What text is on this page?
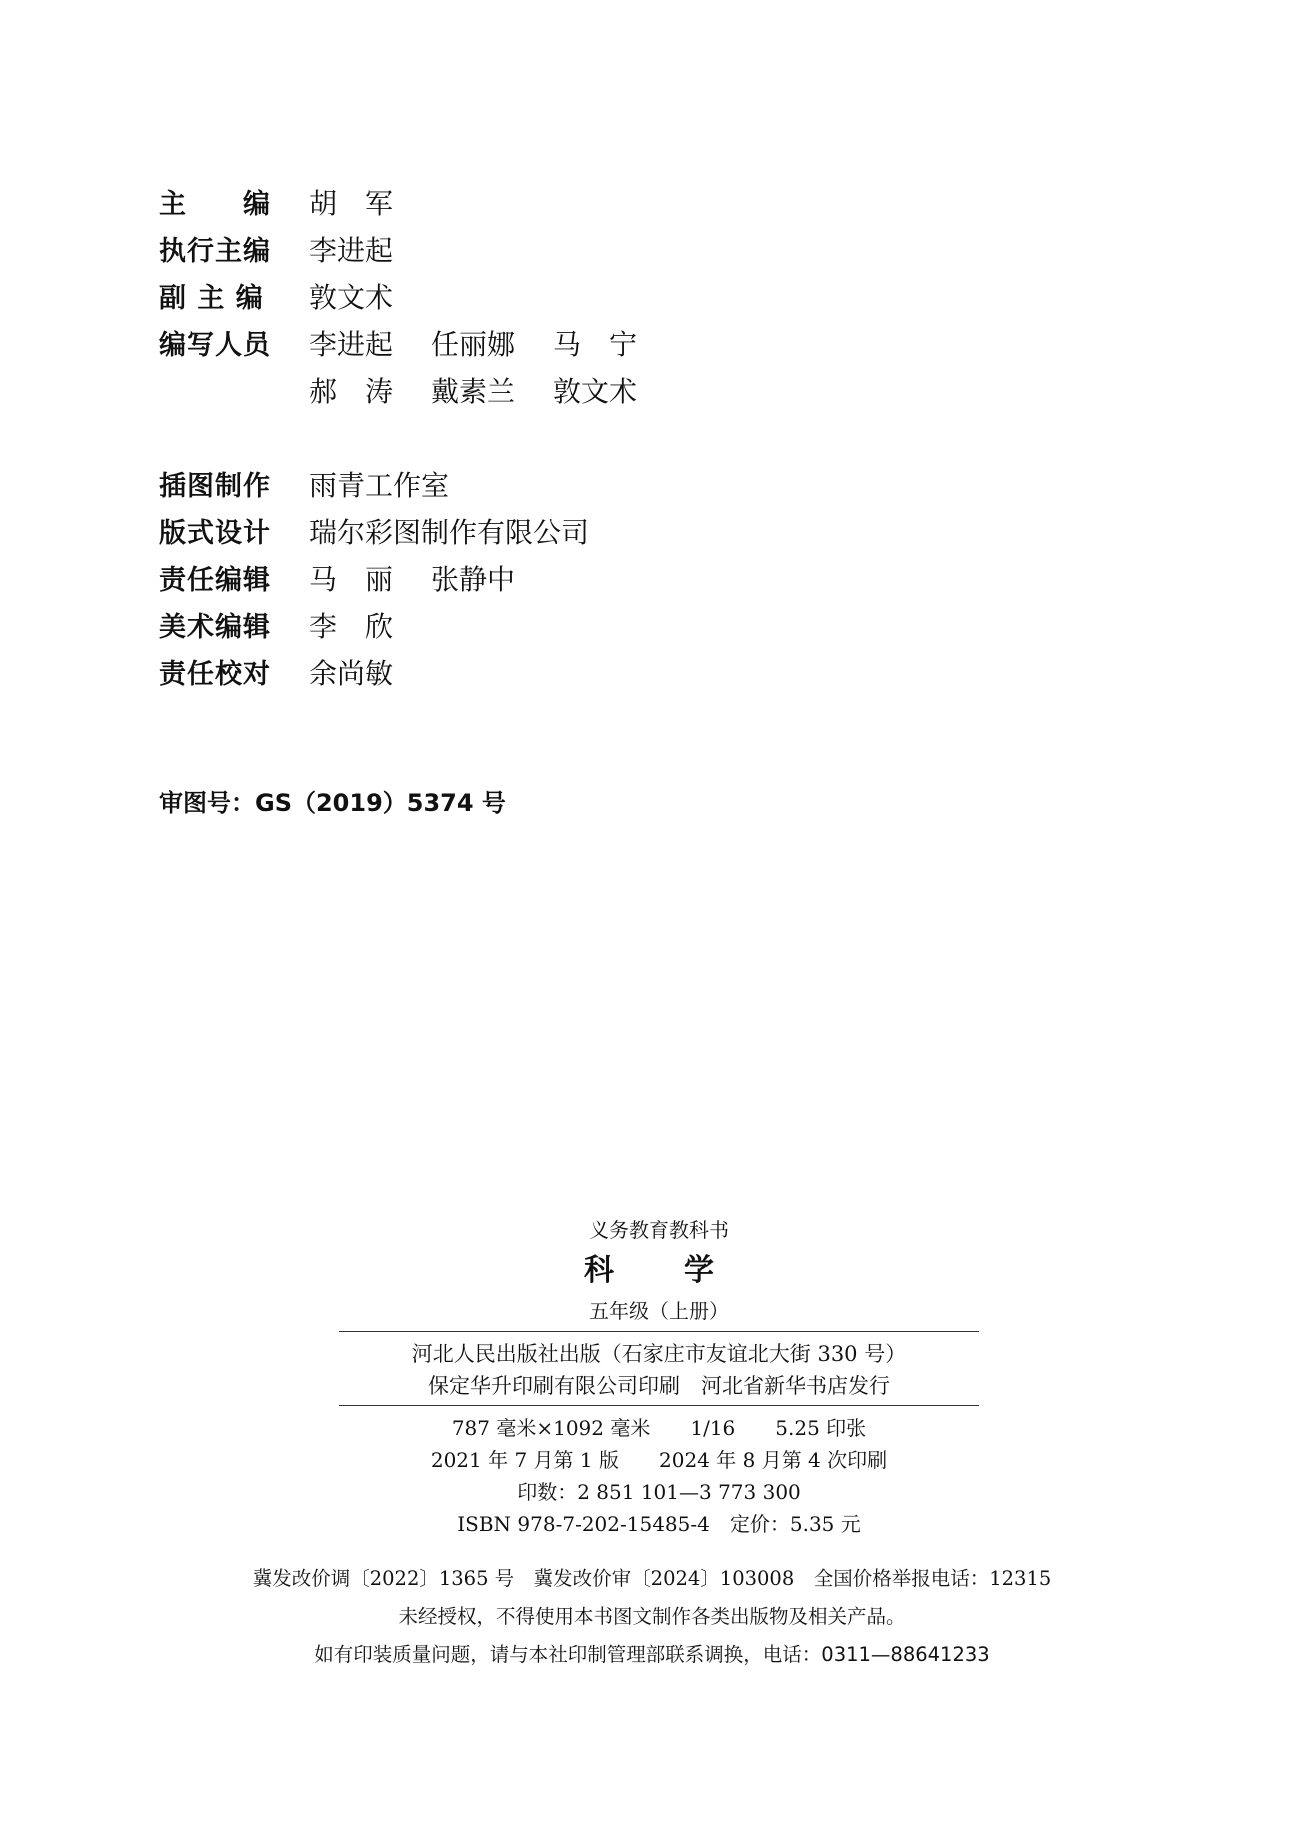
主　　编	胡　军
执行主编	李进起
副 主 编	敦文术
编写人员	李进起 任丽娜 马　宁
郝　涛 戴素兰 敦文术
插图制作	雨青工作室
版式设计	瑞尔彩图制作有限公司
责任编辑	马　丽 张静中
美术编辑	李　欣
责任校对	余尚敏
审图号：GS（2019）5374 号
义务教育教科书
科　学
五年级（上册）
河北人民出版社出版（石家庄市友谊北大街 330 号）
保定华升印刷有限公司印刷　河北省新华书店发行
787 毫米×1092 毫米　　1/16　　5.25 印张
2021 年 7 月第 1 版　　2024 年 8 月第 4 次印刷
印数：2 851 101—3 773 300
ISBN 978-7-202-15485-4　定价：5.35 元
冀发改价调〔2022〕1365 号　冀发改价审〔2024〕103008　全国价格举报电话：12315
未经授权，不得使用本书图文制作各类出版物及相关产品。
如有印装质量问题，请与本社印制管理部联系调换，电话：0311—88641233
